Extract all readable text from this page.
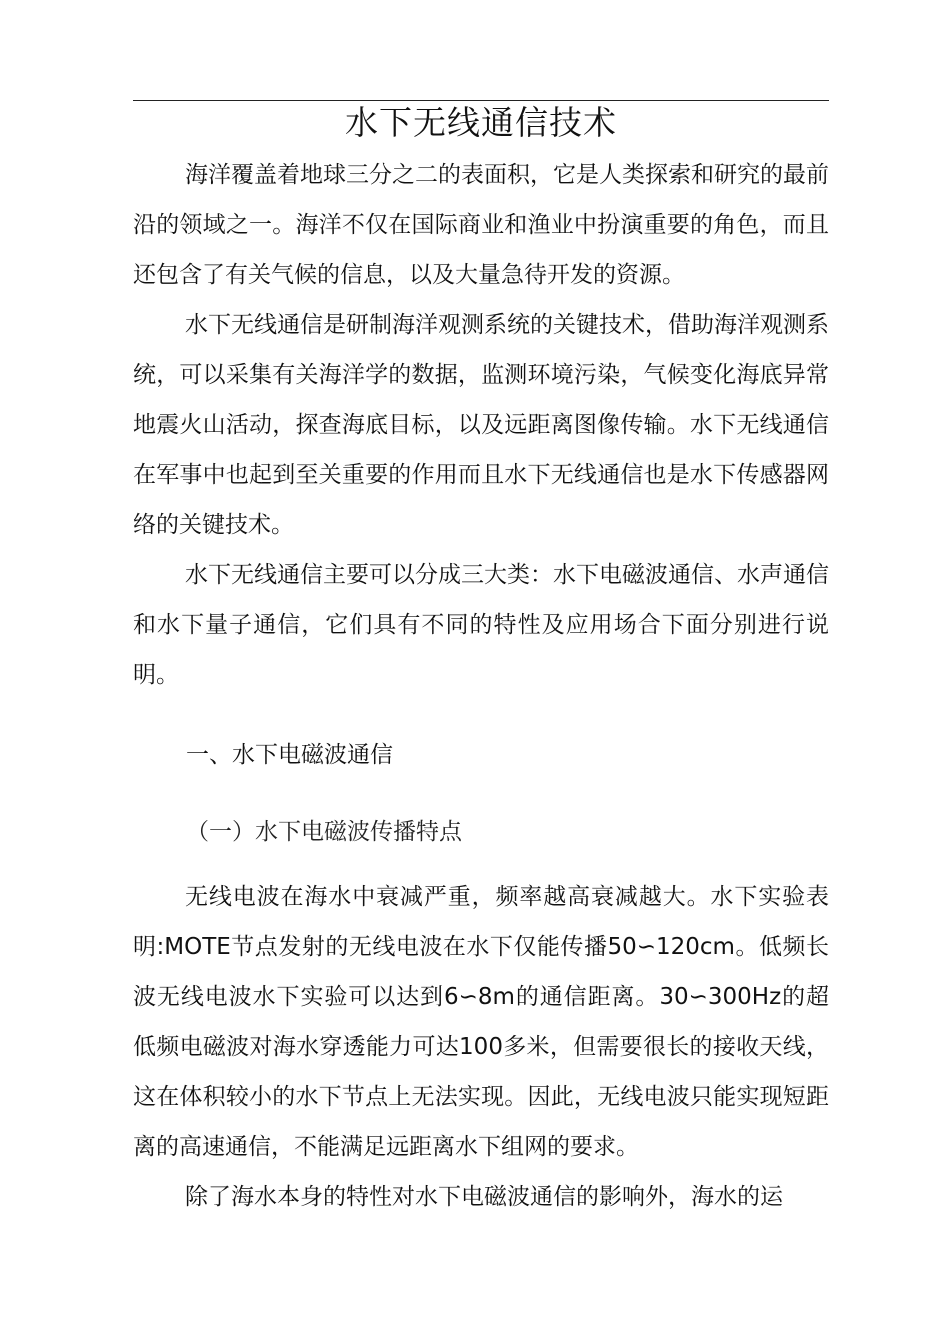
水下无线通信技术

海洋覆盖着地球三分之二的表面积，它是人类探索和研究的最前沿的领域之一。海洋不仅在国际商业和渔业中扮演重要的角色，而且还包含了有关气候的信息，以及大量急待开发的资源。

水下无线通信是研制海洋观测系统的关键技术，借助海洋观测系统，可以采集有关海洋学的数据，监测环境污染，气候变化海底异常地震火山活动，探查海底目标，以及远距离图像传输。水下无线通信在军事中也起到至关重要的作用而且水下无线通信也是水下传感器网络的关键技术。

水下无线通信主要可以分成三大类：水下电磁波通信、水声通信和水下量子通信，它们具有不同的特性及应用场合下面分别进行说明。

一、水下电磁波通信
（一）水下电磁波传播特点

无线电波在海水中衰减严重，频率越高衰减越大。水下实验表明:MOTE节点发射的无线电波在水下仅能传播50∽120cm。低频长波无线电波水下实验可以达到6∽8m的通信距离。30∽300Hz的超低频电磁波对海水穿透能力可达100多米，但需要很长的接收天线，这在体积较小的水下节点上无法实现。因此，无线电波只能实现短距离的高速通信，不能满足远距离水下组网的要求。

除了海水本身的特性对水下电磁波通信的影响外，海水的运
